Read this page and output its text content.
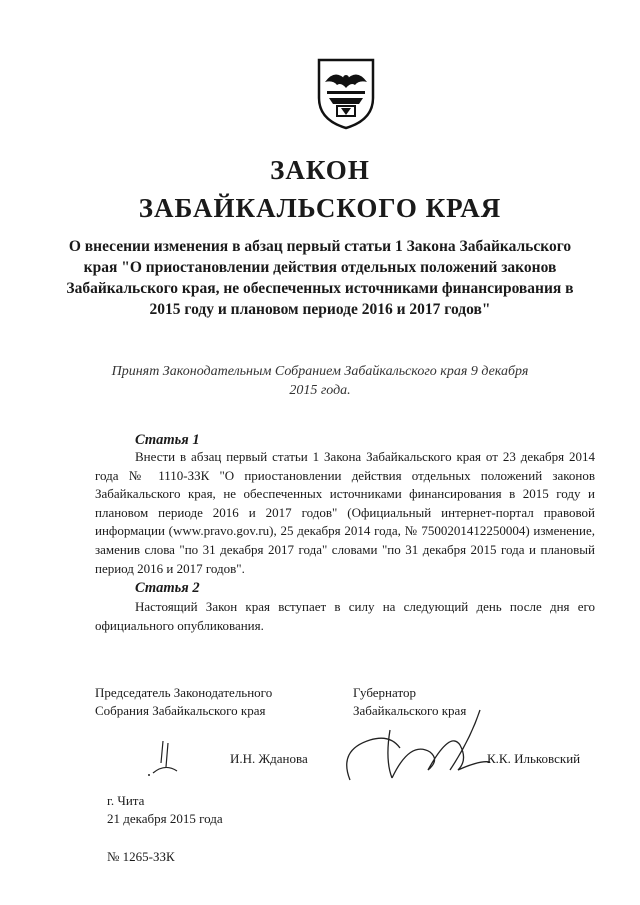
ЗАКОН
ЗАБАЙКАЛЬСКОГО КРАЯ
О внесении изменения в абзац первый статьи 1 Закона Забайкальского края "О приостановлении действия отдельных положений законов Забайкальского края, не обеспеченных источниками финансирования в 2015 году и плановом периоде 2016 и 2017 годов"
Принят Законодательным Собранием Забайкальского края 9 декабря 2015 года.
Статья 1
Внести в абзац первый статьи 1 Закона Забайкальского края от 23 декабря 2014 года № 1110-ЗЗК "О приостановлении действия отдельных положений законов Забайкальского края, не обеспеченных источниками финансирования в 2015 году и плановом периоде 2016 и 2017 годов" (Официальный интернет-портал правовой информации (www.pravo.gov.ru), 25 декабря 2014 года, № 7500201412250004) изменение, заменив слова "по 31 декабря 2017 года" словами "по 31 декабря 2015 года и плановый период 2016 и 2017 годов".
Статья 2
Настоящий Закон края вступает в силу на следующий день после дня его официального опубликования.
Председатель Законодательного
Собрания Забайкальского края
И.Н. Жданова
Губернатор
Забайкальского края
К.К. Ильковский
г. Чита
21 декабря 2015 года
№ 1265-ЗЗК
